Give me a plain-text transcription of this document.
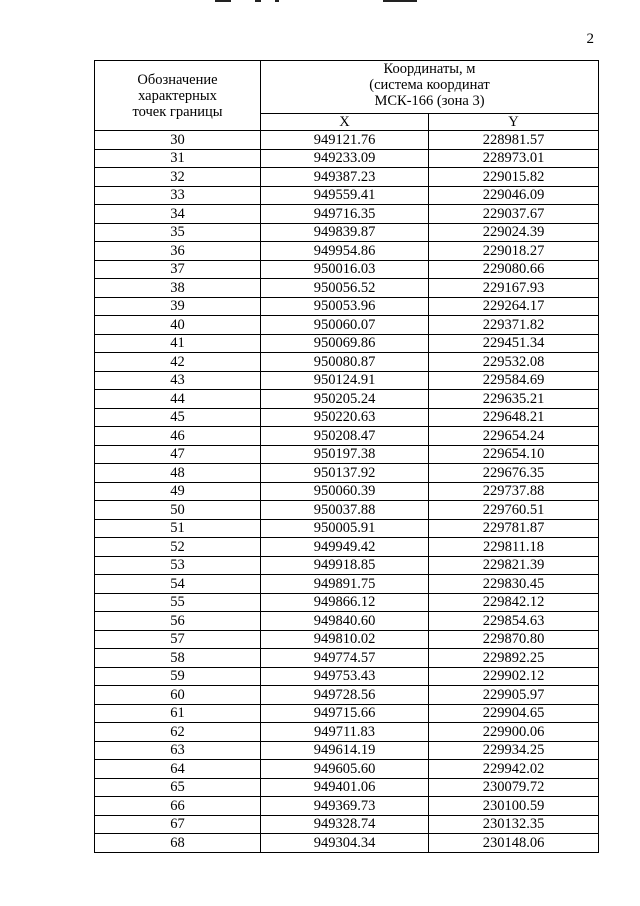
2
Обозначение
характерных
точек границы	Координаты, м
(система координат
МСК-166 (зона 3)	

	X	Y
30	949121.76	228981.57
31	949233.09	228973.01
32	949387.23	229015.82
33	949559.41	229046.09
34	949716.35	229037.67
35	949839.87	229024.39
36	949954.86	229018.27
37	950016.03	229080.66
38	950056.52	229167.93
39	950053.96	229264.17
40	950060.07	229371.82
41	950069.86	229451.34
42	950080.87	229532.08
43	950124.91	229584.69
44	950205.24	229635.21
45	950220.63	229648.21
46	950208.47	229654.24
47	950197.38	229654.10
48	950137.92	229676.35
49	950060.39	229737.88
50	950037.88	229760.51
51	950005.91	229781.87
52	949949.42	229811.18
53	949918.85	229821.39
54	949891.75	229830.45
55	949866.12	229842.12
56	949840.60	229854.63
57	949810.02	229870.80
58	949774.57	229892.25
59	949753.43	229902.12
60	949728.56	229905.97
61	949715.66	229904.65
62	949711.83	229900.06
63	949614.19	229934.25
64	949605.60	229942.02
65	949401.06	230079.72
66	949369.73	230100.59
67	949328.74	230132.35
68	949304.34	230148.06
